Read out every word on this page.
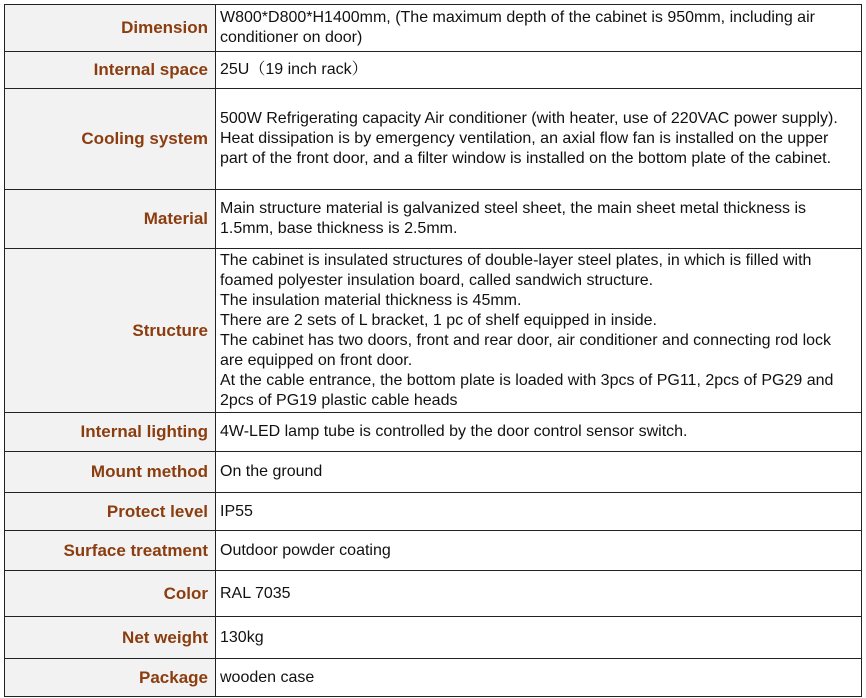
Dimension	W800*D800*H1400mm, (The maximum depth of the cabinet is 950mm, including air conditioner on door)
Internal space	25U（19 inch rack）
Cooling system	500W Refrigerating capacity Air conditioner (with heater, use of 220VAC power supply).
Heat dissipation is by emergency ventilation, an axial flow fan is installed on the upper part of the front door, and a filter window is installed on the bottom plate of the cabinet.
Material	Main structure material is galvanized steel sheet, the main sheet metal thickness is 1.5mm, base thickness is 2.5mm.
Structure	The cabinet is insulated structures of double-layer steel plates, in which is filled with foamed polyester insulation board, called sandwich structure.
The insulation material thickness is 45mm.
There are 2 sets of L bracket, 1 pc of shelf equipped in inside.
The cabinet has two doors, front and rear door, air conditioner and connecting rod lock are equipped on front door.
At the cable entrance, the bottom plate is loaded with 3pcs of PG11, 2pcs of PG29 and 2pcs of PG19 plastic cable heads
Internal lighting	4W-LED lamp tube is controlled by the door control sensor switch.
Mount method	On the ground
Protect level	IP55
Surface treatment	Outdoor powder coating
Color	RAL 7035
Net weight	130kg
Package	wooden case
